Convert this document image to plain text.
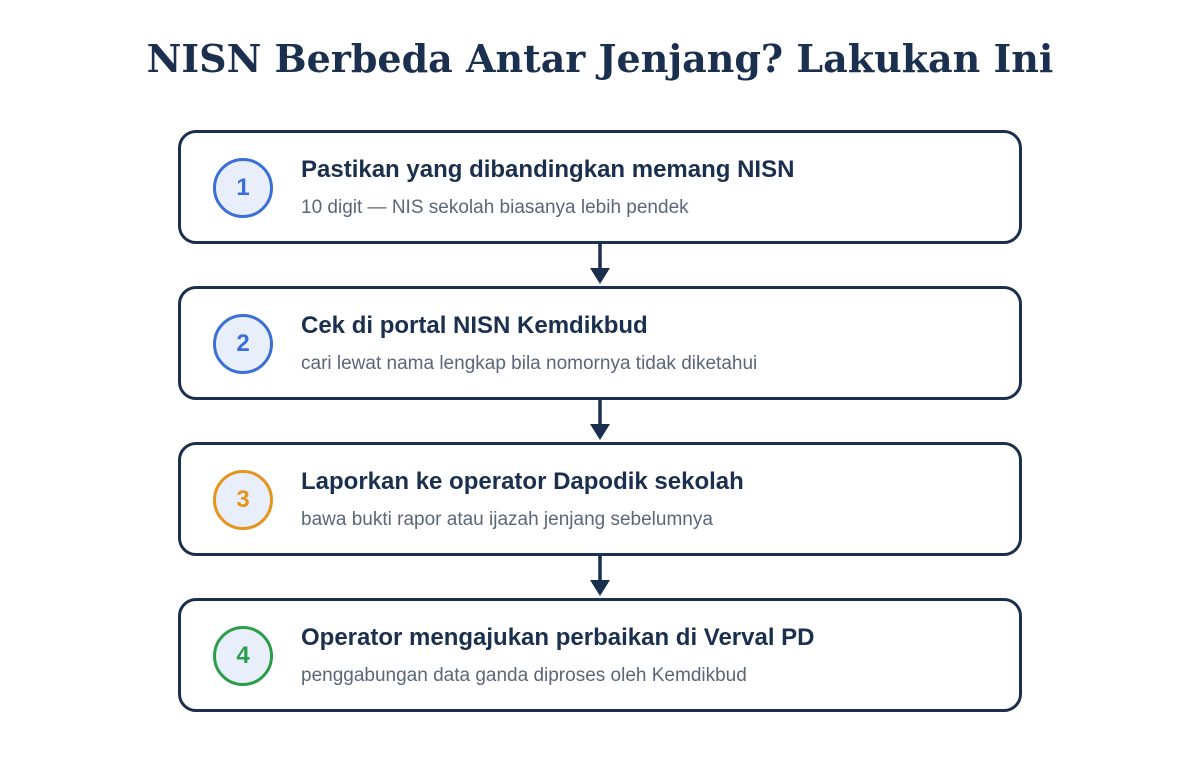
NISN Berbeda Antar Jenjang? Lakukan Ini
1
Pastikan yang dibandingkan memang NISN
10 digit — NIS sekolah biasanya lebih pendek
2
Cek di portal NISN Kemdikbud
cari lewat nama lengkap bila nomornya tidak diketahui
3
Laporkan ke operator Dapodik sekolah
bawa bukti rapor atau ijazah jenjang sebelumnya
4
Operator mengajukan perbaikan di Verval PD
penggabungan data ganda diproses oleh Kemdikbud
